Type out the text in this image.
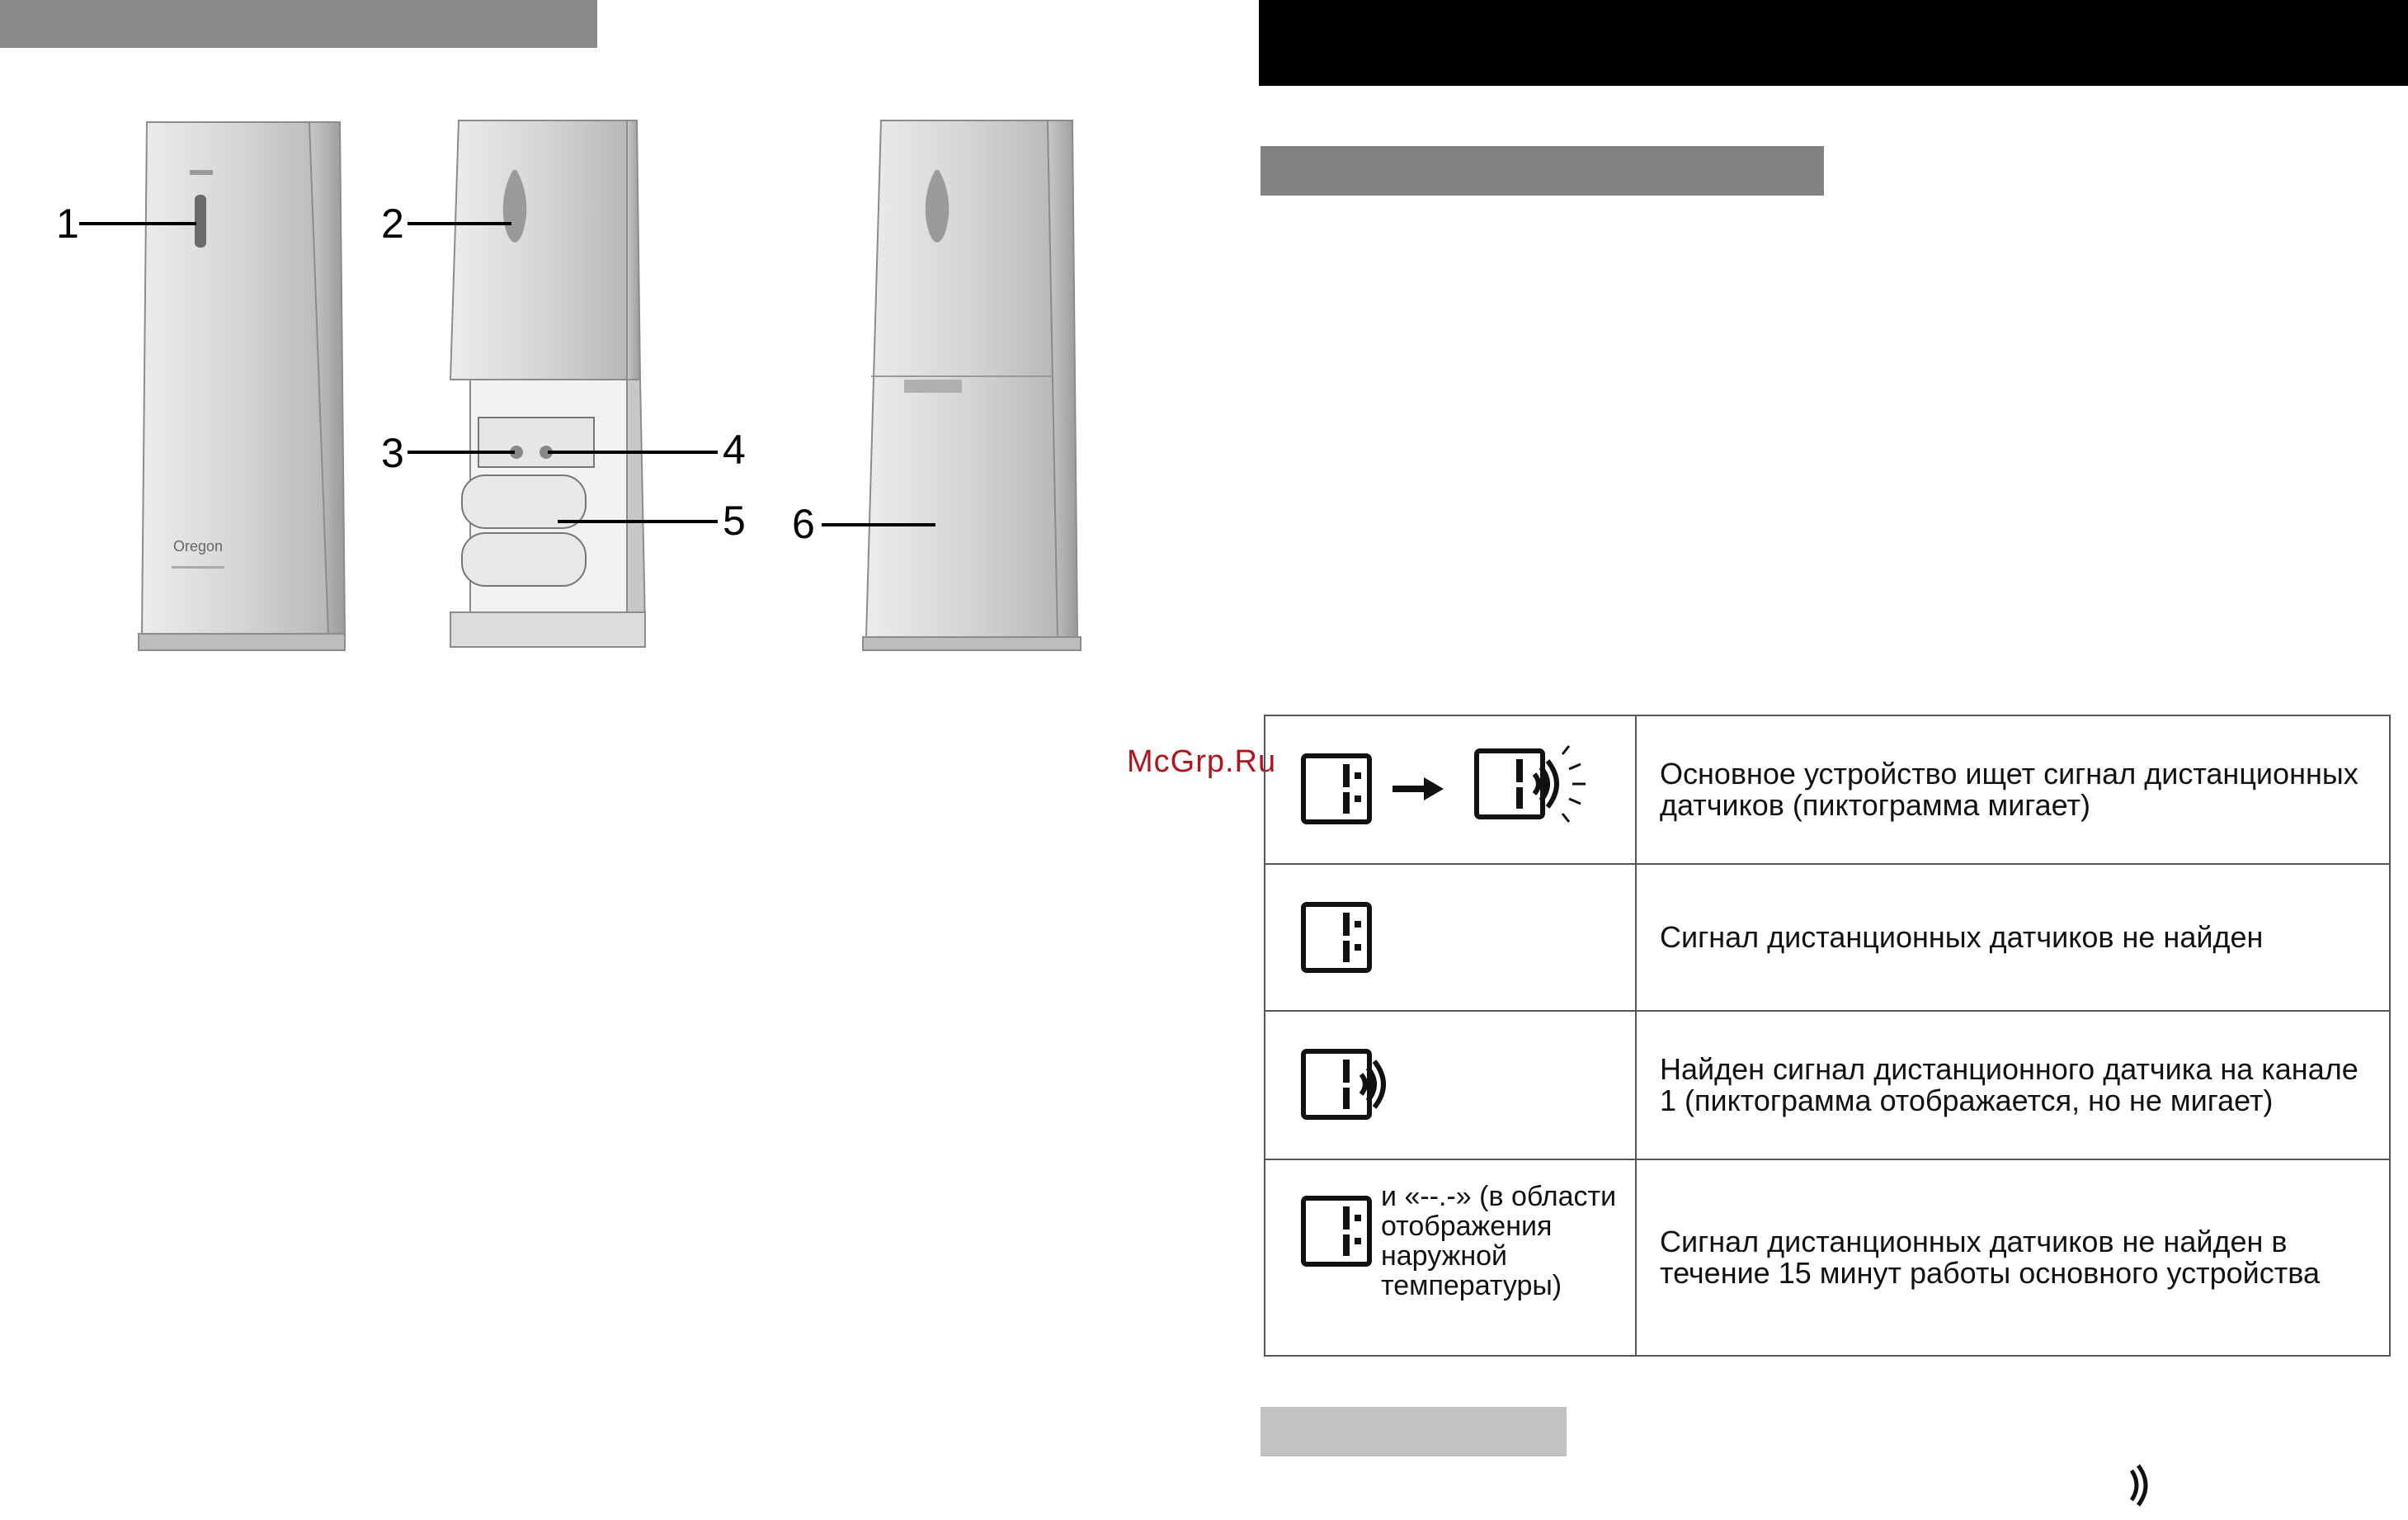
Oregon
1	2
3	4
5 6
McGrp.Ru
		Основное устройство ищет сигнал дистанционных датчиков (пиктограмма мигает)

	Сигнал дистанционных датчиков не найден

	Найден сигнал дистанционного датчика на канале 1 (пиктограмма отображается, но не мигает)

и «--.-» (в области отображения наружной температуры)	Сигнал дистанционных датчиков не найден в течение 15 минут работы основного устройства
